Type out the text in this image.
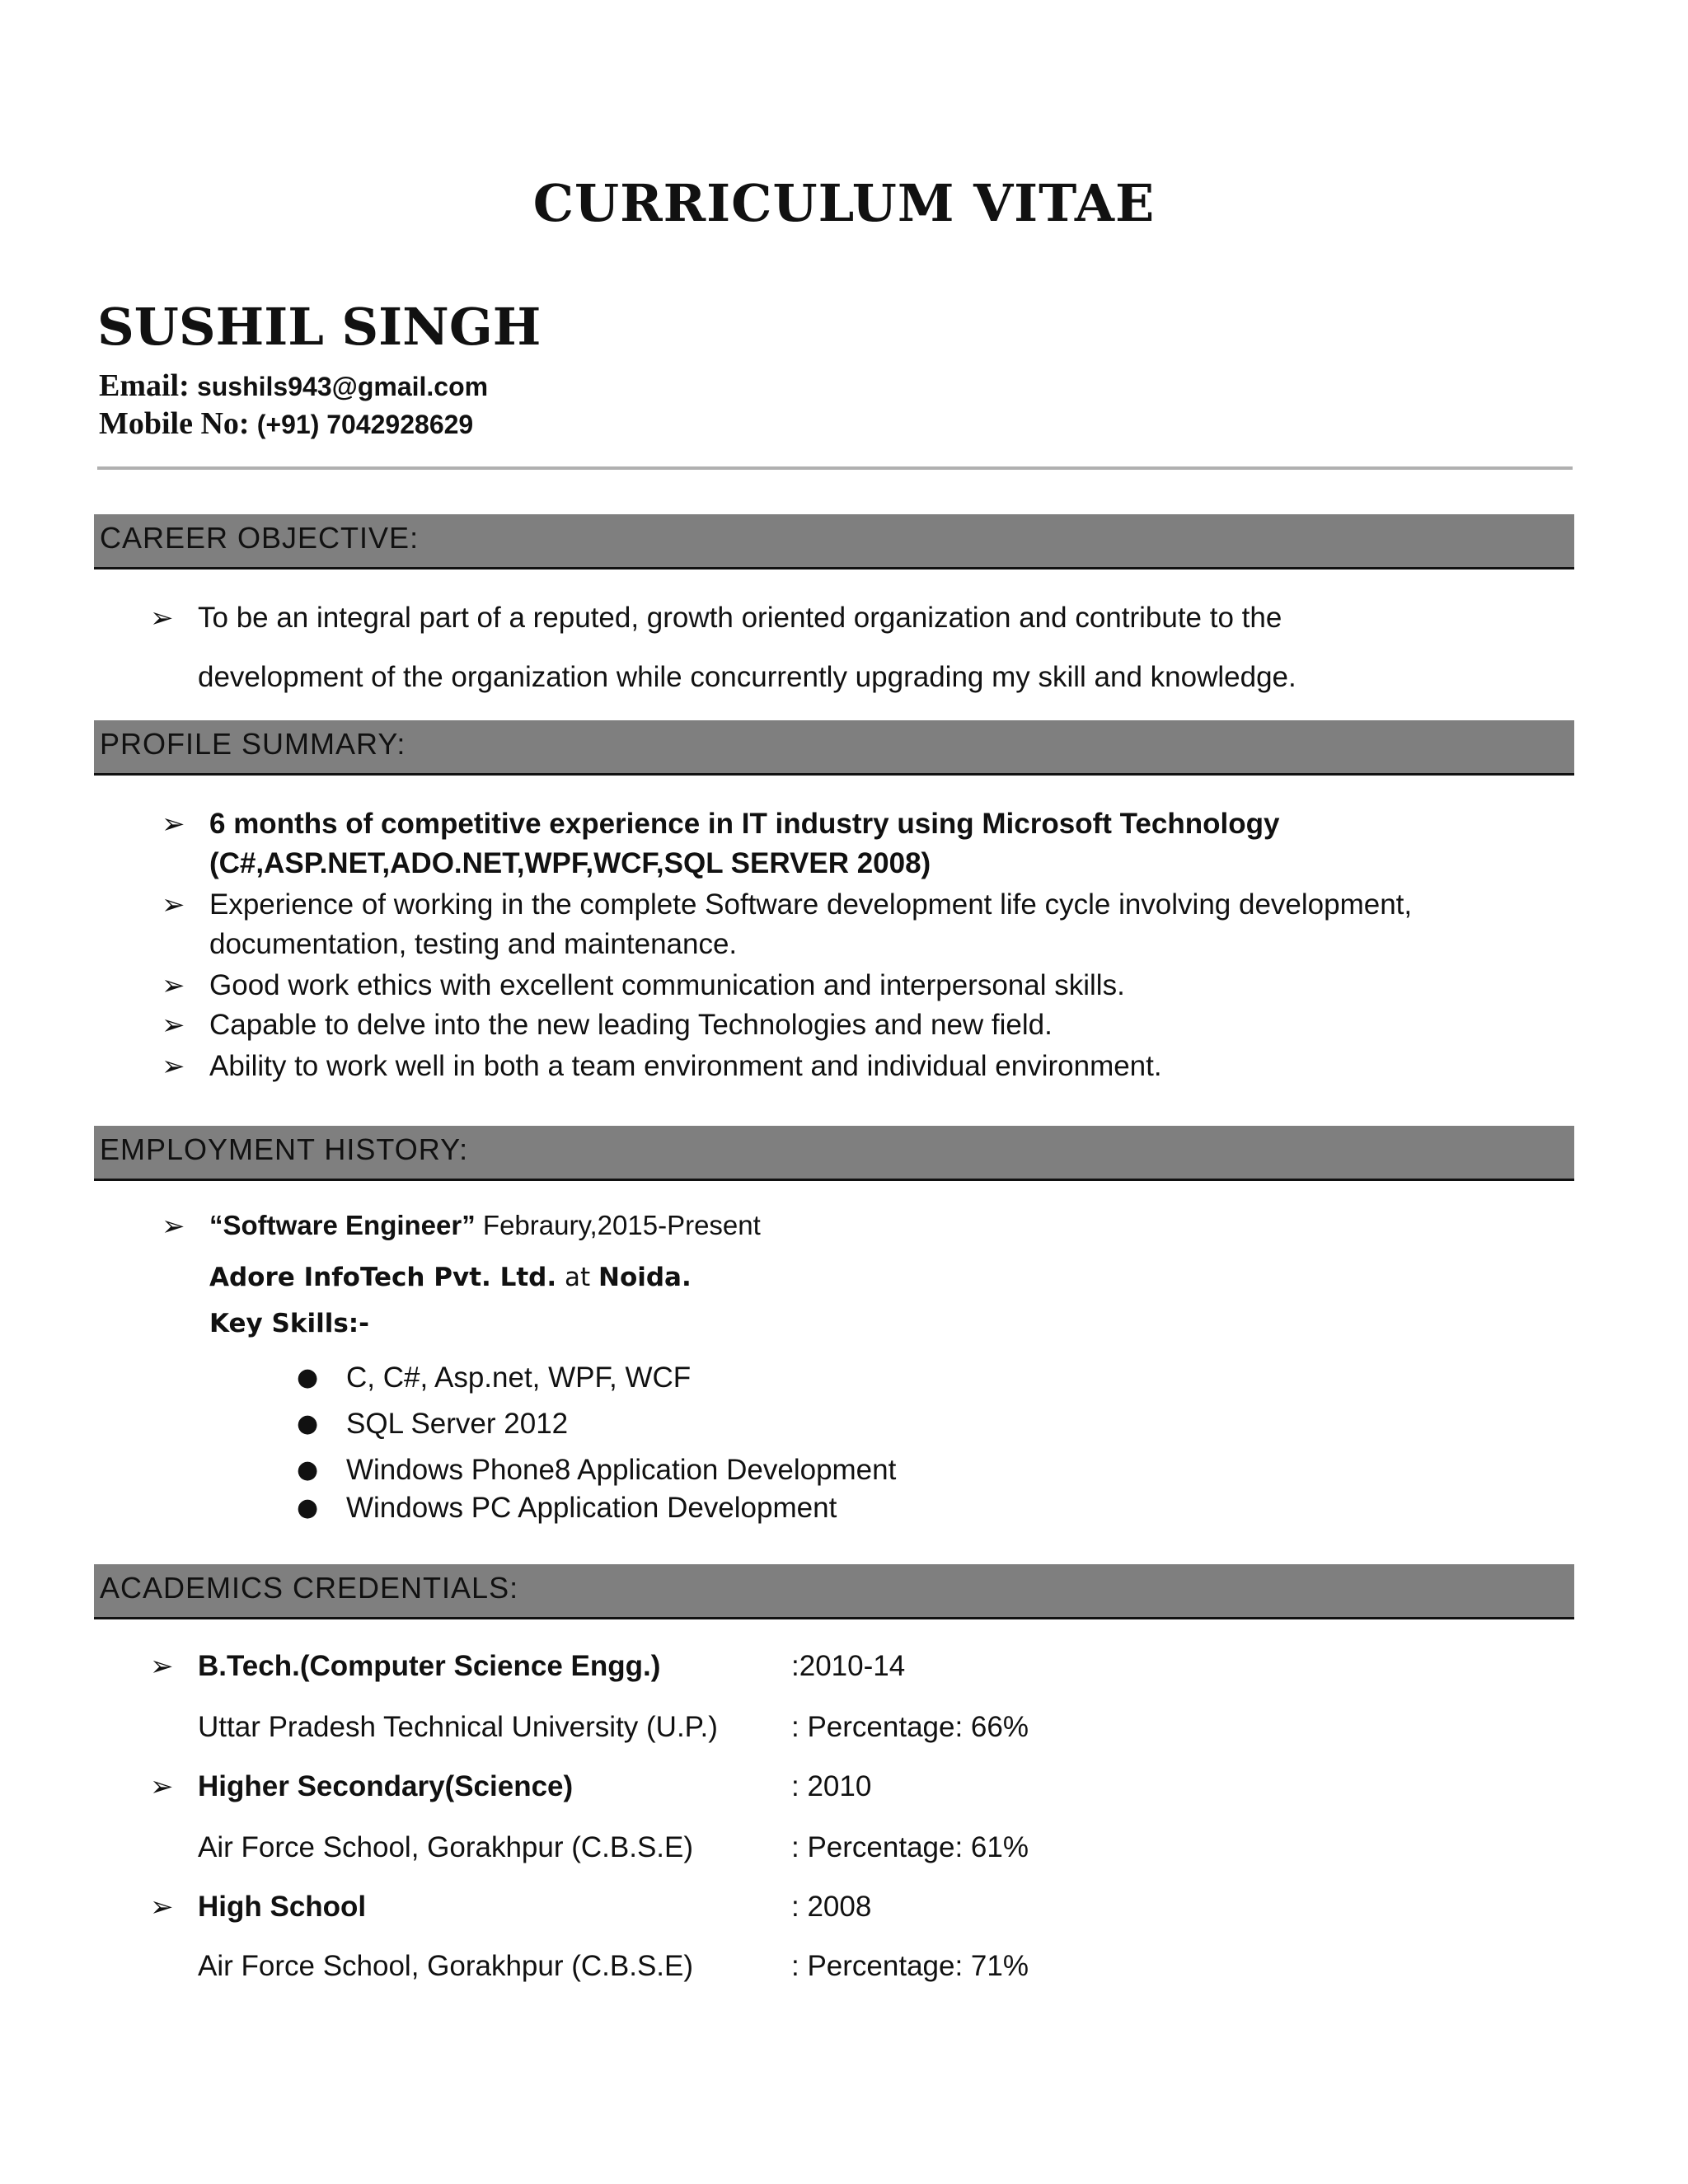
CURRICULUM VITAE
SUSHIL SINGH
Email: sushils943@gmail.com
Mobile No: (+91) 7042928629
CAREER OBJECTIVE:
➢ To be an integral part of a reputed, growth oriented organization and contribute to the
development of the organization while concurrently upgrading my skill and knowledge.
PROFILE SUMMARY:
➢ 6 months of competitive experience in IT industry using Microsoft Technology
(C#,ASP.NET,ADO.NET,WPF,WCF,SQL SERVER 2008)
➢ Experience of working in the complete Software development life cycle involving development,
documentation, testing and maintenance.
➢ Good work ethics with excellent communication and interpersonal skills.
➢ Capable to delve into the new leading Technologies and new field.
➢ Ability to work well in both a team environment and individual environment.
EMPLOYMENT HISTORY:
➢ “Software Engineer” Febraury,2015-Present
Adore InfoTech Pvt. Ltd. at Noida.
Key Skills:-
● C, C#, Asp.net, WPF, WCF
● SQL Server 2012
● Windows Phone8 Application Development
● Windows PC Application Development
ACADEMICS CREDENTIALS:
➢ B.Tech.(Computer Science Engg.)	:2010-14
Uttar Pradesh Technical University (U.P.)	: Percentage: 66%
➢ Higher Secondary(Science)	: 2010
Air Force School, Gorakhpur (C.B.S.E)	: Percentage: 61%
➢ High School	: 2008
Air Force School, Gorakhpur (C.B.S.E)	: Percentage: 71%
